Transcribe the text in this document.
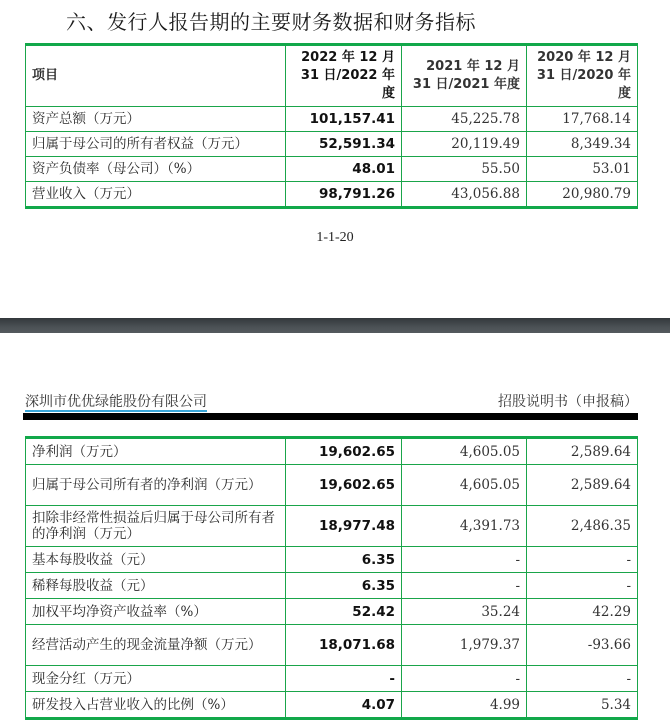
六、发行人报告期的主要财务数据和财务指标
项目	2022 年 12 月 31 日/2022 年度	2021 年 12 月 31 日/2021 年度	2020 年 12 月 31 日/2020 年度
资产总额（万元）	101,157.41	45,225.78	17,768.14
归属于母公司的所有者权益（万元）	52,591.34	20,119.49	8,349.34
资产负债率（母公司）（%）	48.01	55.50	53.01
营业收入（万元）	98,791.26	43,056.88	20,980.79
1-1-20
深圳市优优绿能股份有限公司	招股说明书（申报稿）
净利润（万元）	19,602.65	4,605.05	2,589.64
归属于母公司所有者的净利润（万元）	19,602.65	4,605.05	2,589.64
扣除非经常性损益后归属于母公司所有者的净利润（万元）	18,977.48	4,391.73	2,486.35
基本每股收益（元）	6.35	-	-
稀释每股收益（元）	6.35	-	-
加权平均净资产收益率（%）	52.42	35.24	42.29
经营活动产生的现金流量净额（万元）	18,071.68	1,979.37	-93.66
现金分红（万元）	-	-	-
研发投入占营业收入的比例（%）	4.07	4.99	5.34
